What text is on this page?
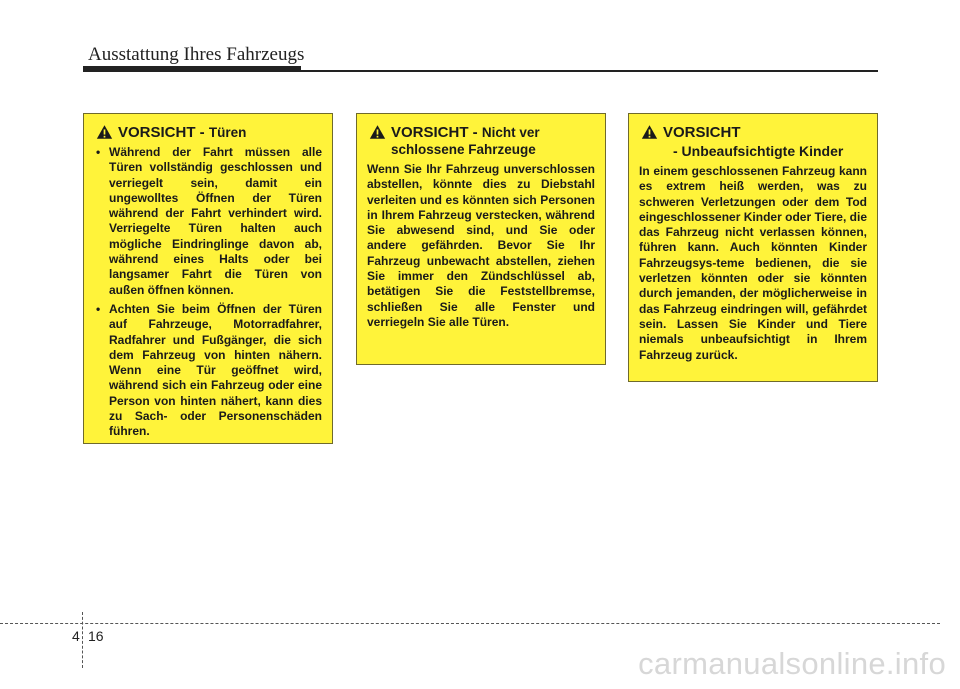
Ausstattung Ihres Fahrzeugs
VORSICHT - Türen
• Während der Fahrt müssen alle Türen vollständig geschlossen und verriegelt sein, damit ein ungewolltes Öffnen der Türen während der Fahrt verhindert wird. Verriegelte Türen halten auch mögliche Eindringlinge davon ab, während eines Halts oder bei langsamer Fahrt die Türen von außen öffnen können.
• Achten Sie beim Öffnen der Türen auf Fahrzeuge, Motorradfahrer, Radfahrer und Fußgänger, die sich dem Fahrzeug von hinten nähern. Wenn eine Tür geöffnet wird, während sich ein Fahrzeug oder eine Person von hinten nähert, kann dies zu Sach- oder Personenschäden führen.
VORSICHT - Nicht ver
schlossene Fahrzeuge
Wenn Sie Ihr Fahrzeug unverschlossen abstellen, könnte dies zu Diebstahl verleiten und es könnten sich Personen in Ihrem Fahrzeug verstecken, während Sie abwesend sind, und Sie oder andere gefährden. Bevor Sie Ihr Fahrzeug unbewacht abstellen, ziehen Sie immer den Zündschlüssel ab, betätigen Sie die Feststellbremse, schließen Sie alle Fenster und verriegeln Sie alle Türen.
VORSICHT
- Unbeaufsichtigte Kinder
In einem geschlossenen Fahrzeug kann es extrem heiß werden, was zu schweren Verletzungen oder dem Tod eingeschlossener Kinder oder Tiere, die das Fahrzeug nicht verlassen können, führen kann. Auch könnten Kinder Fahrzeugsys-teme bedienen, die sie verletzen könnten oder sie könnten durch jemanden, der möglicherweise in das Fahrzeug eindringen will, gefährdet sein. Lassen Sie Kinder und Tiere niemals unbeaufsichtigt in Ihrem Fahrzeug zurück.
4 16
carmanualsonline.info
